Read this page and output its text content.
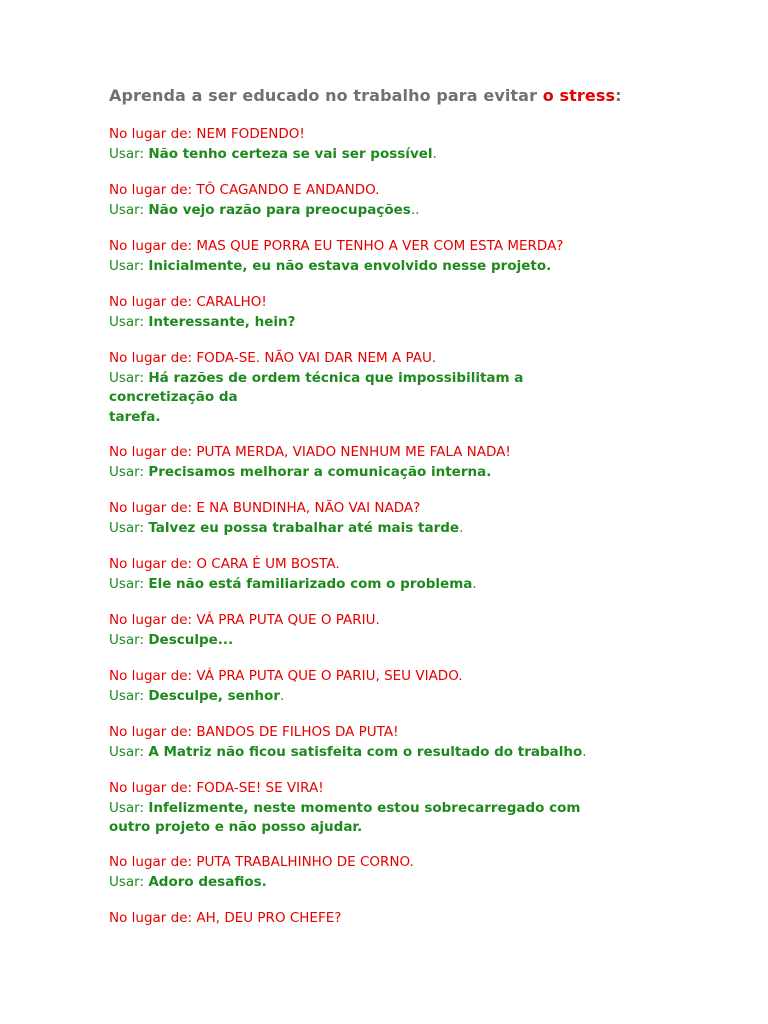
Aprenda a ser educado no trabalho para evitar o stress:
No lugar de: NEM FODENDO!
Usar: Não tenho certeza se vai ser possível.
No lugar de: TÔ CAGANDO E ANDANDO.
Usar: Não vejo razão para preocupações..
No lugar de: MAS QUE PORRA EU TENHO A VER COM ESTA MERDA?
Usar: Inicialmente, eu não estava envolvido nesse projeto.
No lugar de: CARALHO!
Usar: Interessante, hein?
No lugar de: FODA-SE. NÃO VAI DAR NEM A PAU.
Usar: Há razões de ordem técnica que impossibilitam a
concretização da
tarefa.
No lugar de: PUTA MERDA, VIADO NENHUM ME FALA NADA!
Usar: Precisamos melhorar a comunicação interna.
No lugar de: E NA BUNDINHA, NÃO VAI NADA?
Usar: Talvez eu possa trabalhar até mais tarde.
No lugar de: O CARA É UM BOSTA.
Usar: Ele não está familiarizado com o problema.
No lugar de: VÁ PRA PUTA QUE O PARIU.
Usar: Desculpe...
No lugar de: VÁ PRA PUTA QUE O PARIU, SEU VIADO.
Usar: Desculpe, senhor.
No lugar de: BANDOS DE FILHOS DA PUTA!
Usar: A Matriz não ficou satisfeita com o resultado do trabalho.
No lugar de: FODA-SE! SE VIRA!
Usar: Infelizmente, neste momento estou sobrecarregado com
outro projeto e não posso ajudar.
No lugar de: PUTA TRABALHINHO DE CORNO.
Usar: Adoro desafios.
No lugar de: AH, DEU PRO CHEFE?
